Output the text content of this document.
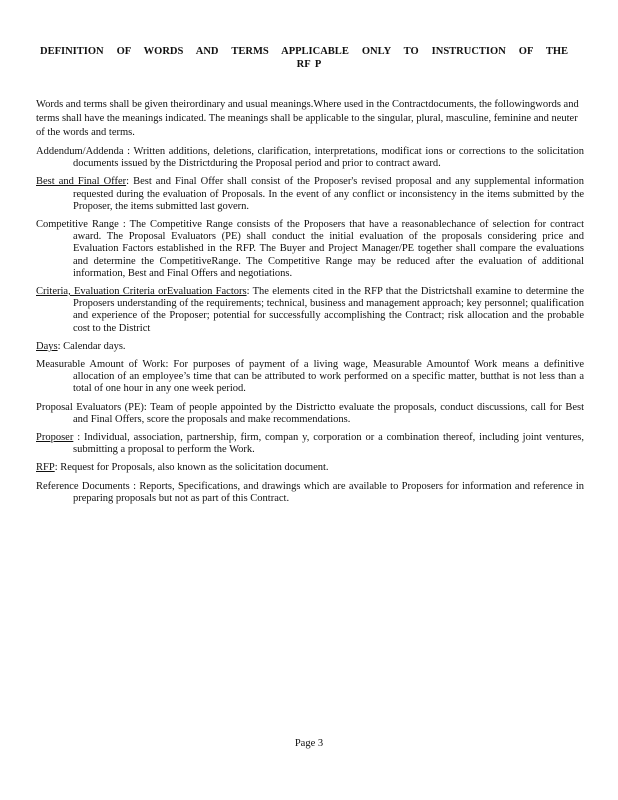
DEFINITION OF WORDS AND TERMS APPLICABLE ONLY TO INSTRUCTION OF THE
RF P

Words and terms shall be given theirordinary and usual meanings.Where used in the Contractdocuments, the followingwords and terms shall have the meanings indicated. The meanings shall be applicable to the singular, plural, masculine, feminine and neuter of the words and terms.

Addendum/Addenda : Written additions, deletions, clarification, interpretations, modificat ions or corrections to the solicitation documents issued by the Districtduring the Proposal period and prior to contract award.

Best and Final Offer: Best and Final Offer shall consist of the Proposer's revised proposal and any supplemental information requested during the evaluation of Proposals. In the event of any conflict or inconsistency in the items submitted by the Proposer, the items submitted last govern.

Competitive Range : The Competitive Range consists of the Proposers that have a reasonablechance of selection for contract award. The Proposal Evaluators (PE) shall conduct the initial evaluation of the proposals considering price and Evaluation Factors established in the RFP. The Buyer and Project Manager/PE together shall compare the evaluations and determine the CompetitiveRange. The Competitive Range may be reduced after the evaluation of additional information, Best and Final Offers and negotiations.

Criteria, Evaluation Criteria orEvaluation Factors: The elements cited in the RFP that the Districtshall examine to determine the Proposers understanding of the requirements; technical, business and management approach; key personnel; qualification and experience of the Proposer; potential for successfully accomplishing the Contract; risk allocation and the probable cost to the District

Days: Calendar days.

Measurable Amount of Work: For purposes of payment of a living wage, Measurable Amountof Work means a definitive allocation of an employee’s time that can be attributed to work performed on a specific matter, butthat is not less than a total of one hour in any one week period.

Proposal Evaluators (PE): Team of people appointed by the Districtto evaluate the proposals, conduct discussions, call for Best and Final Offers, score the proposals and make recommendations.

Proposer : Individual, association, partnership, firm, compan y, corporation or a combination thereof, including joint ventures, submitting a proposal to perform the Work.

RFP: Request for Proposals, also known as the solicitation document.

Reference Documents : Reports, Specifications, and drawings which are available to Proposers for information and reference in preparing proposals but not as part of this Contract.

Page 3
